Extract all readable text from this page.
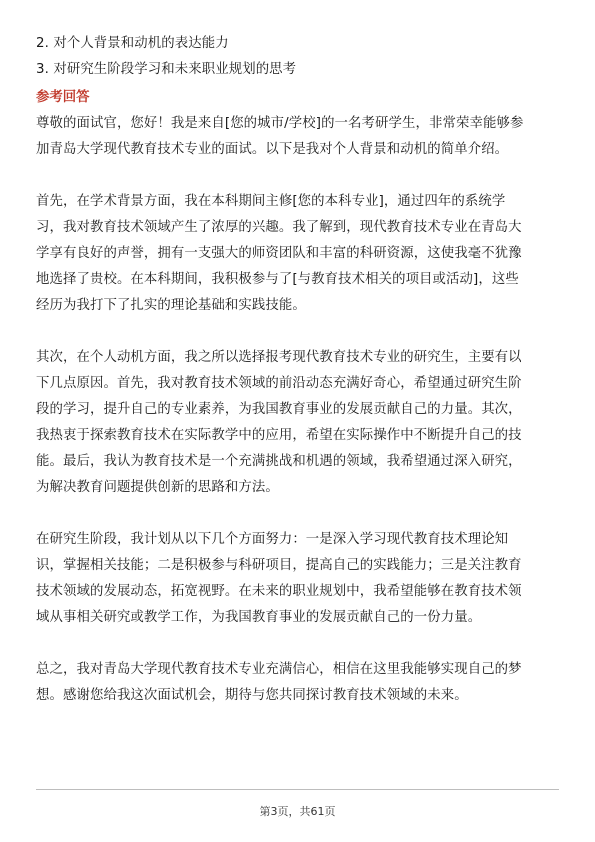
2. 对个人背景和动机的表达能力
3. 对研究生阶段学习和未来职业规划的思考
参考回答
尊敬的面试官，您好！我是来自[您的城市/学校]的一名考研学生，非常荣幸能够参
加青岛大学现代教育技术专业的面试。以下是我对个人背景和动机的简单介绍。
首先，在学术背景方面，我在本科期间主修[您的本科专业]，通过四年的系统学
习，我对教育技术领域产生了浓厚的兴趣。我了解到，现代教育技术专业在青岛大
学享有良好的声誉，拥有一支强大的师资团队和丰富的科研资源，这使我毫不犹豫
地选择了贵校。在本科期间，我积极参与了[与教育技术相关的项目或活动]，这些
经历为我打下了扎实的理论基础和实践技能。
其次，在个人动机方面，我之所以选择报考现代教育技术专业的研究生，主要有以
下几点原因。首先，我对教育技术领域的前沿动态充满好奇心，希望通过研究生阶
段的学习，提升自己的专业素养，为我国教育事业的发展贡献自己的力量。其次，
我热衷于探索教育技术在实际教学中的应用，希望在实际操作中不断提升自己的技
能。最后，我认为教育技术是一个充满挑战和机遇的领域，我希望通过深入研究，
为解决教育问题提供创新的思路和方法。
在研究生阶段，我计划从以下几个方面努力：一是深入学习现代教育技术理论知
识，掌握相关技能；二是积极参与科研项目，提高自己的实践能力；三是关注教育
技术领域的发展动态，拓宽视野。在未来的职业规划中，我希望能够在教育技术领
域从事相关研究或教学工作，为我国教育事业的发展贡献自己的一份力量。
总之，我对青岛大学现代教育技术专业充满信心，相信在这里我能够实现自己的梦
想。感谢您给我这次面试机会，期待与您共同探讨教育技术领域的未来。
第3页，共61页
